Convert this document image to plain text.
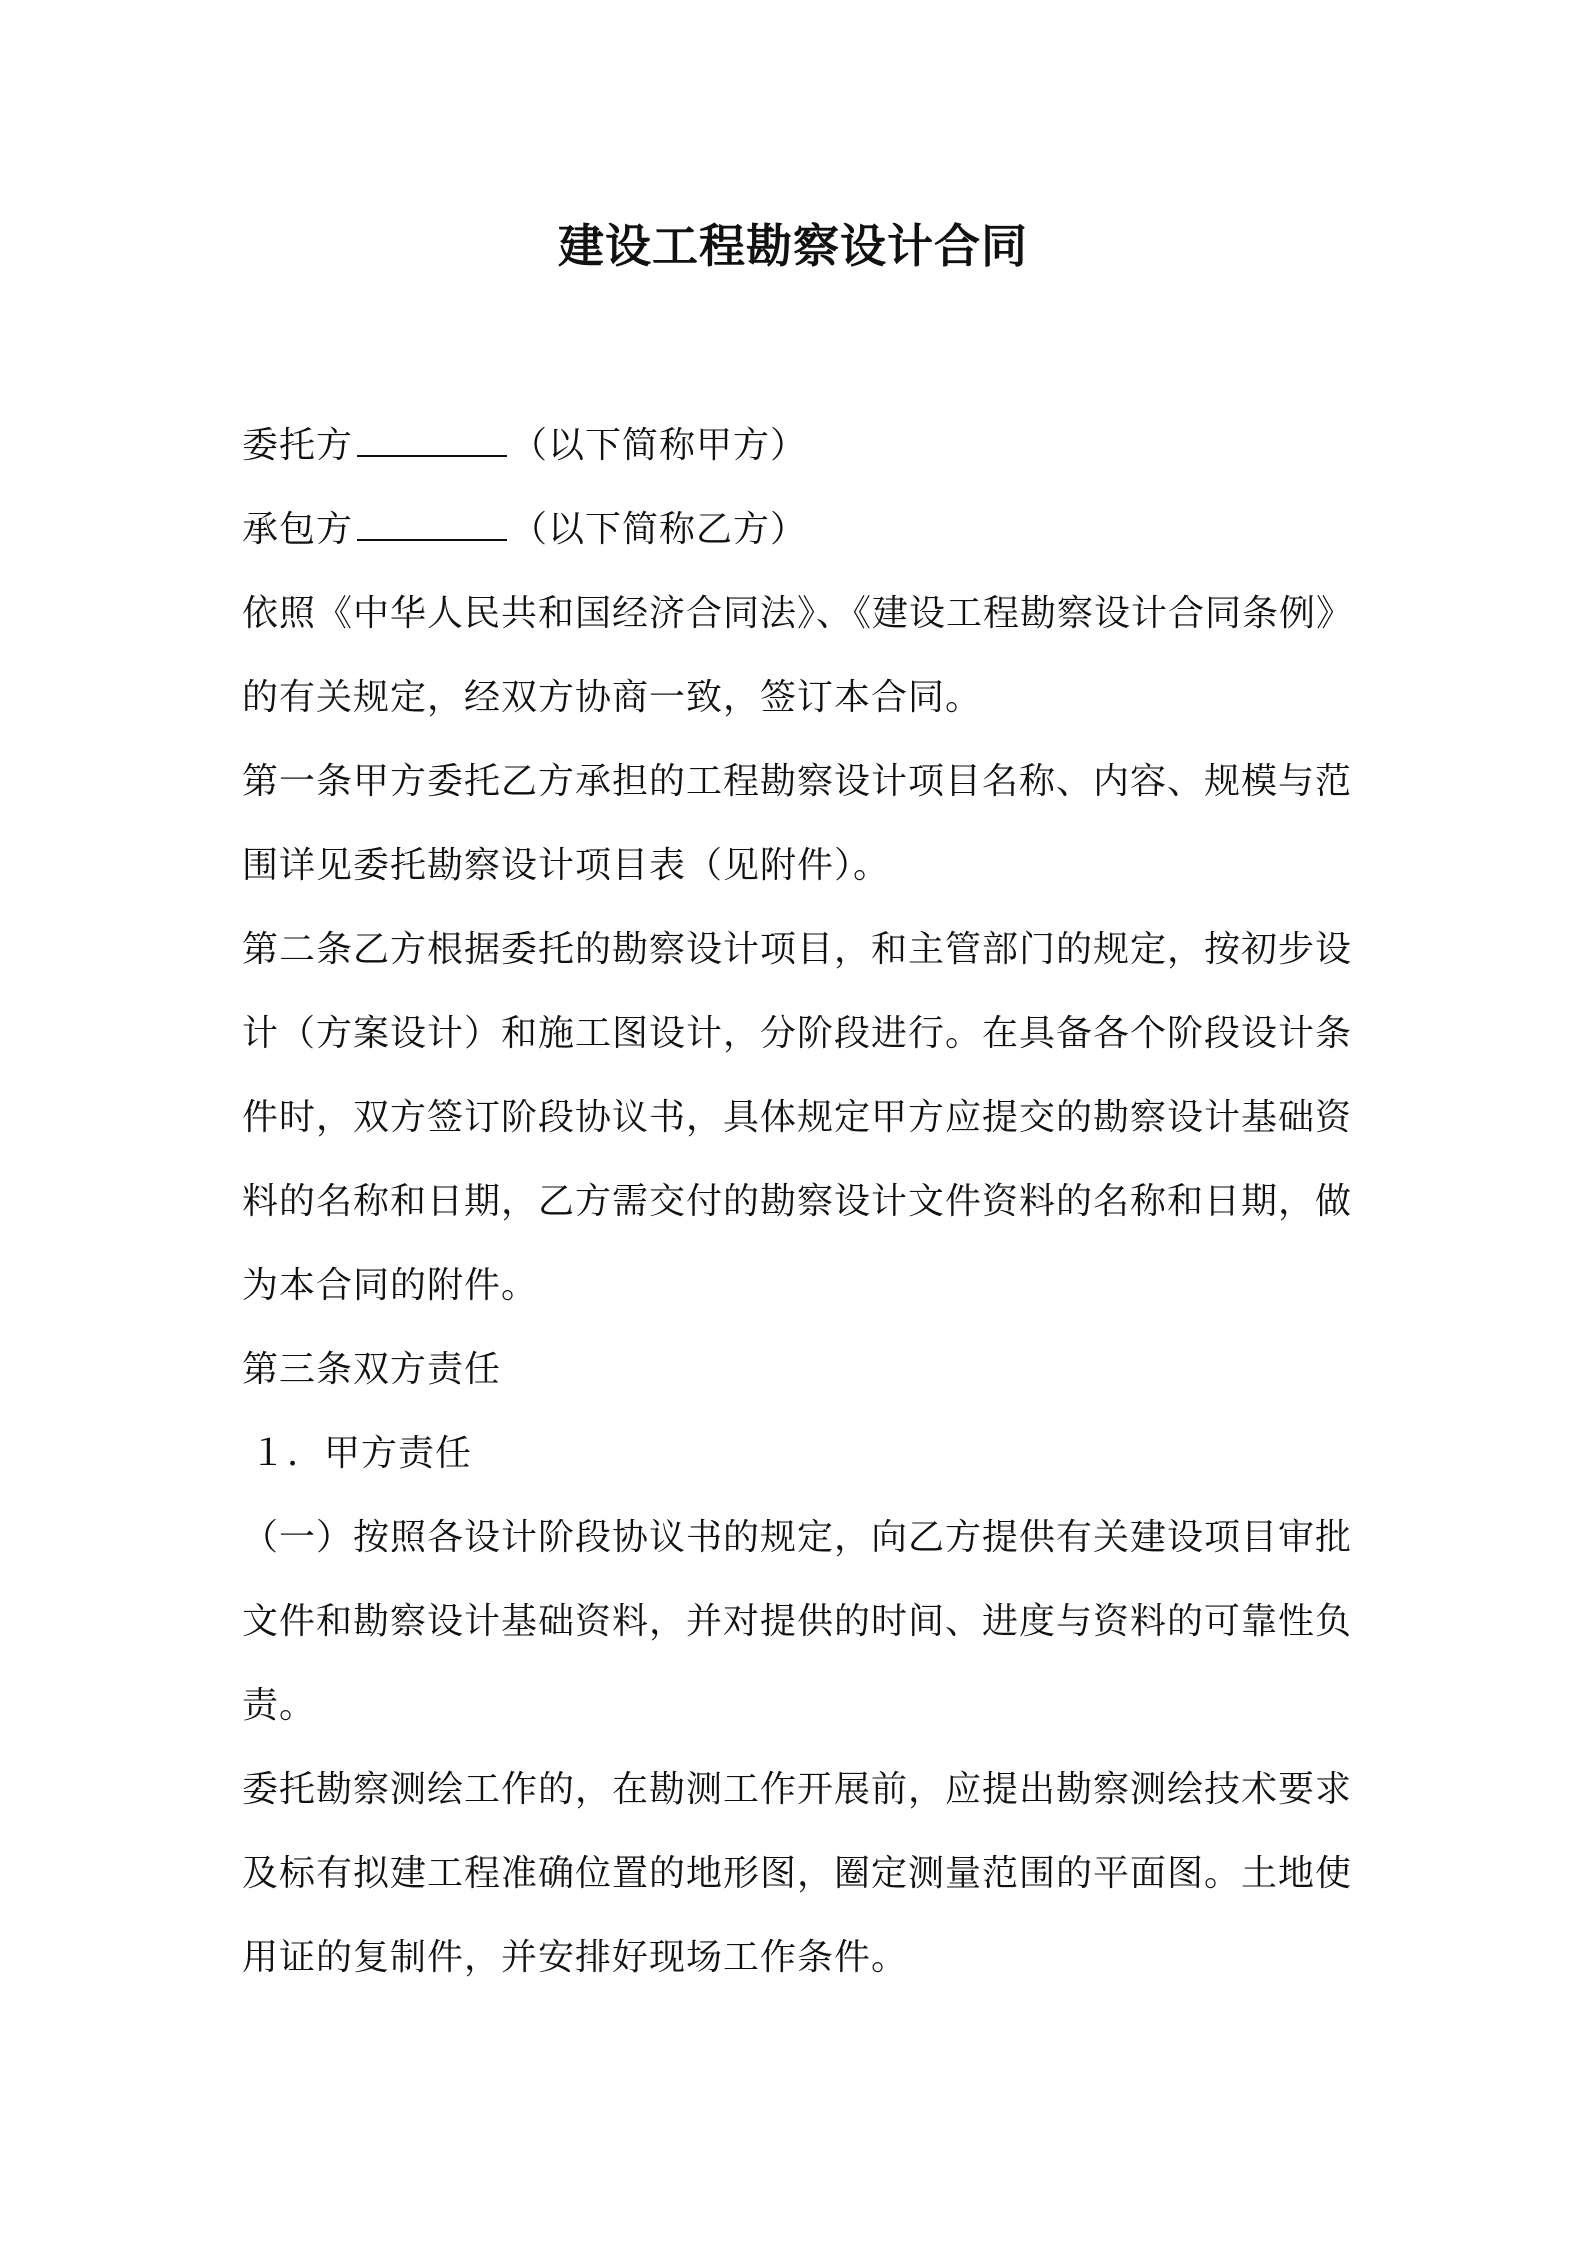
建设工程勘察设计合同

委托方	（以下简称甲方）

承包方	（以下简称乙方）

依照《中华人民共和国经济合同法》、《建设工程勘察设计合同条例》的有关规定，经双方协商一致，签订本合同。

第一条甲方委托乙方承担的工程勘察设计项目名称、内容、规模与范围详见委托勘察设计项目表（见附件）。

第二条乙方根据委托的勘察设计项目，和主管部门的规定，按初步设计（方案设计）和施工图设计，分阶段进行。在具备各个阶段设计条件时，双方签订阶段协议书，具体规定甲方应提交的勘察设计基础资料的名称和日期，乙方需交付的勘察设计文件资料的名称和日期，做为本合同的附件。

第三条双方责任

１．甲方责任

（一）按照各设计阶段协议书的规定，向乙方提供有关建设项目审批文件和勘察设计基础资料，并对提供的时间、进度与资料的可靠性负责。

委托勘察测绘工作的，在勘测工作开展前，应提出勘察测绘技术要求及标有拟建工程准确位置的地形图，圈定测量范围的平面图。土地使用证的复制件，并安排好现场工作条件。
